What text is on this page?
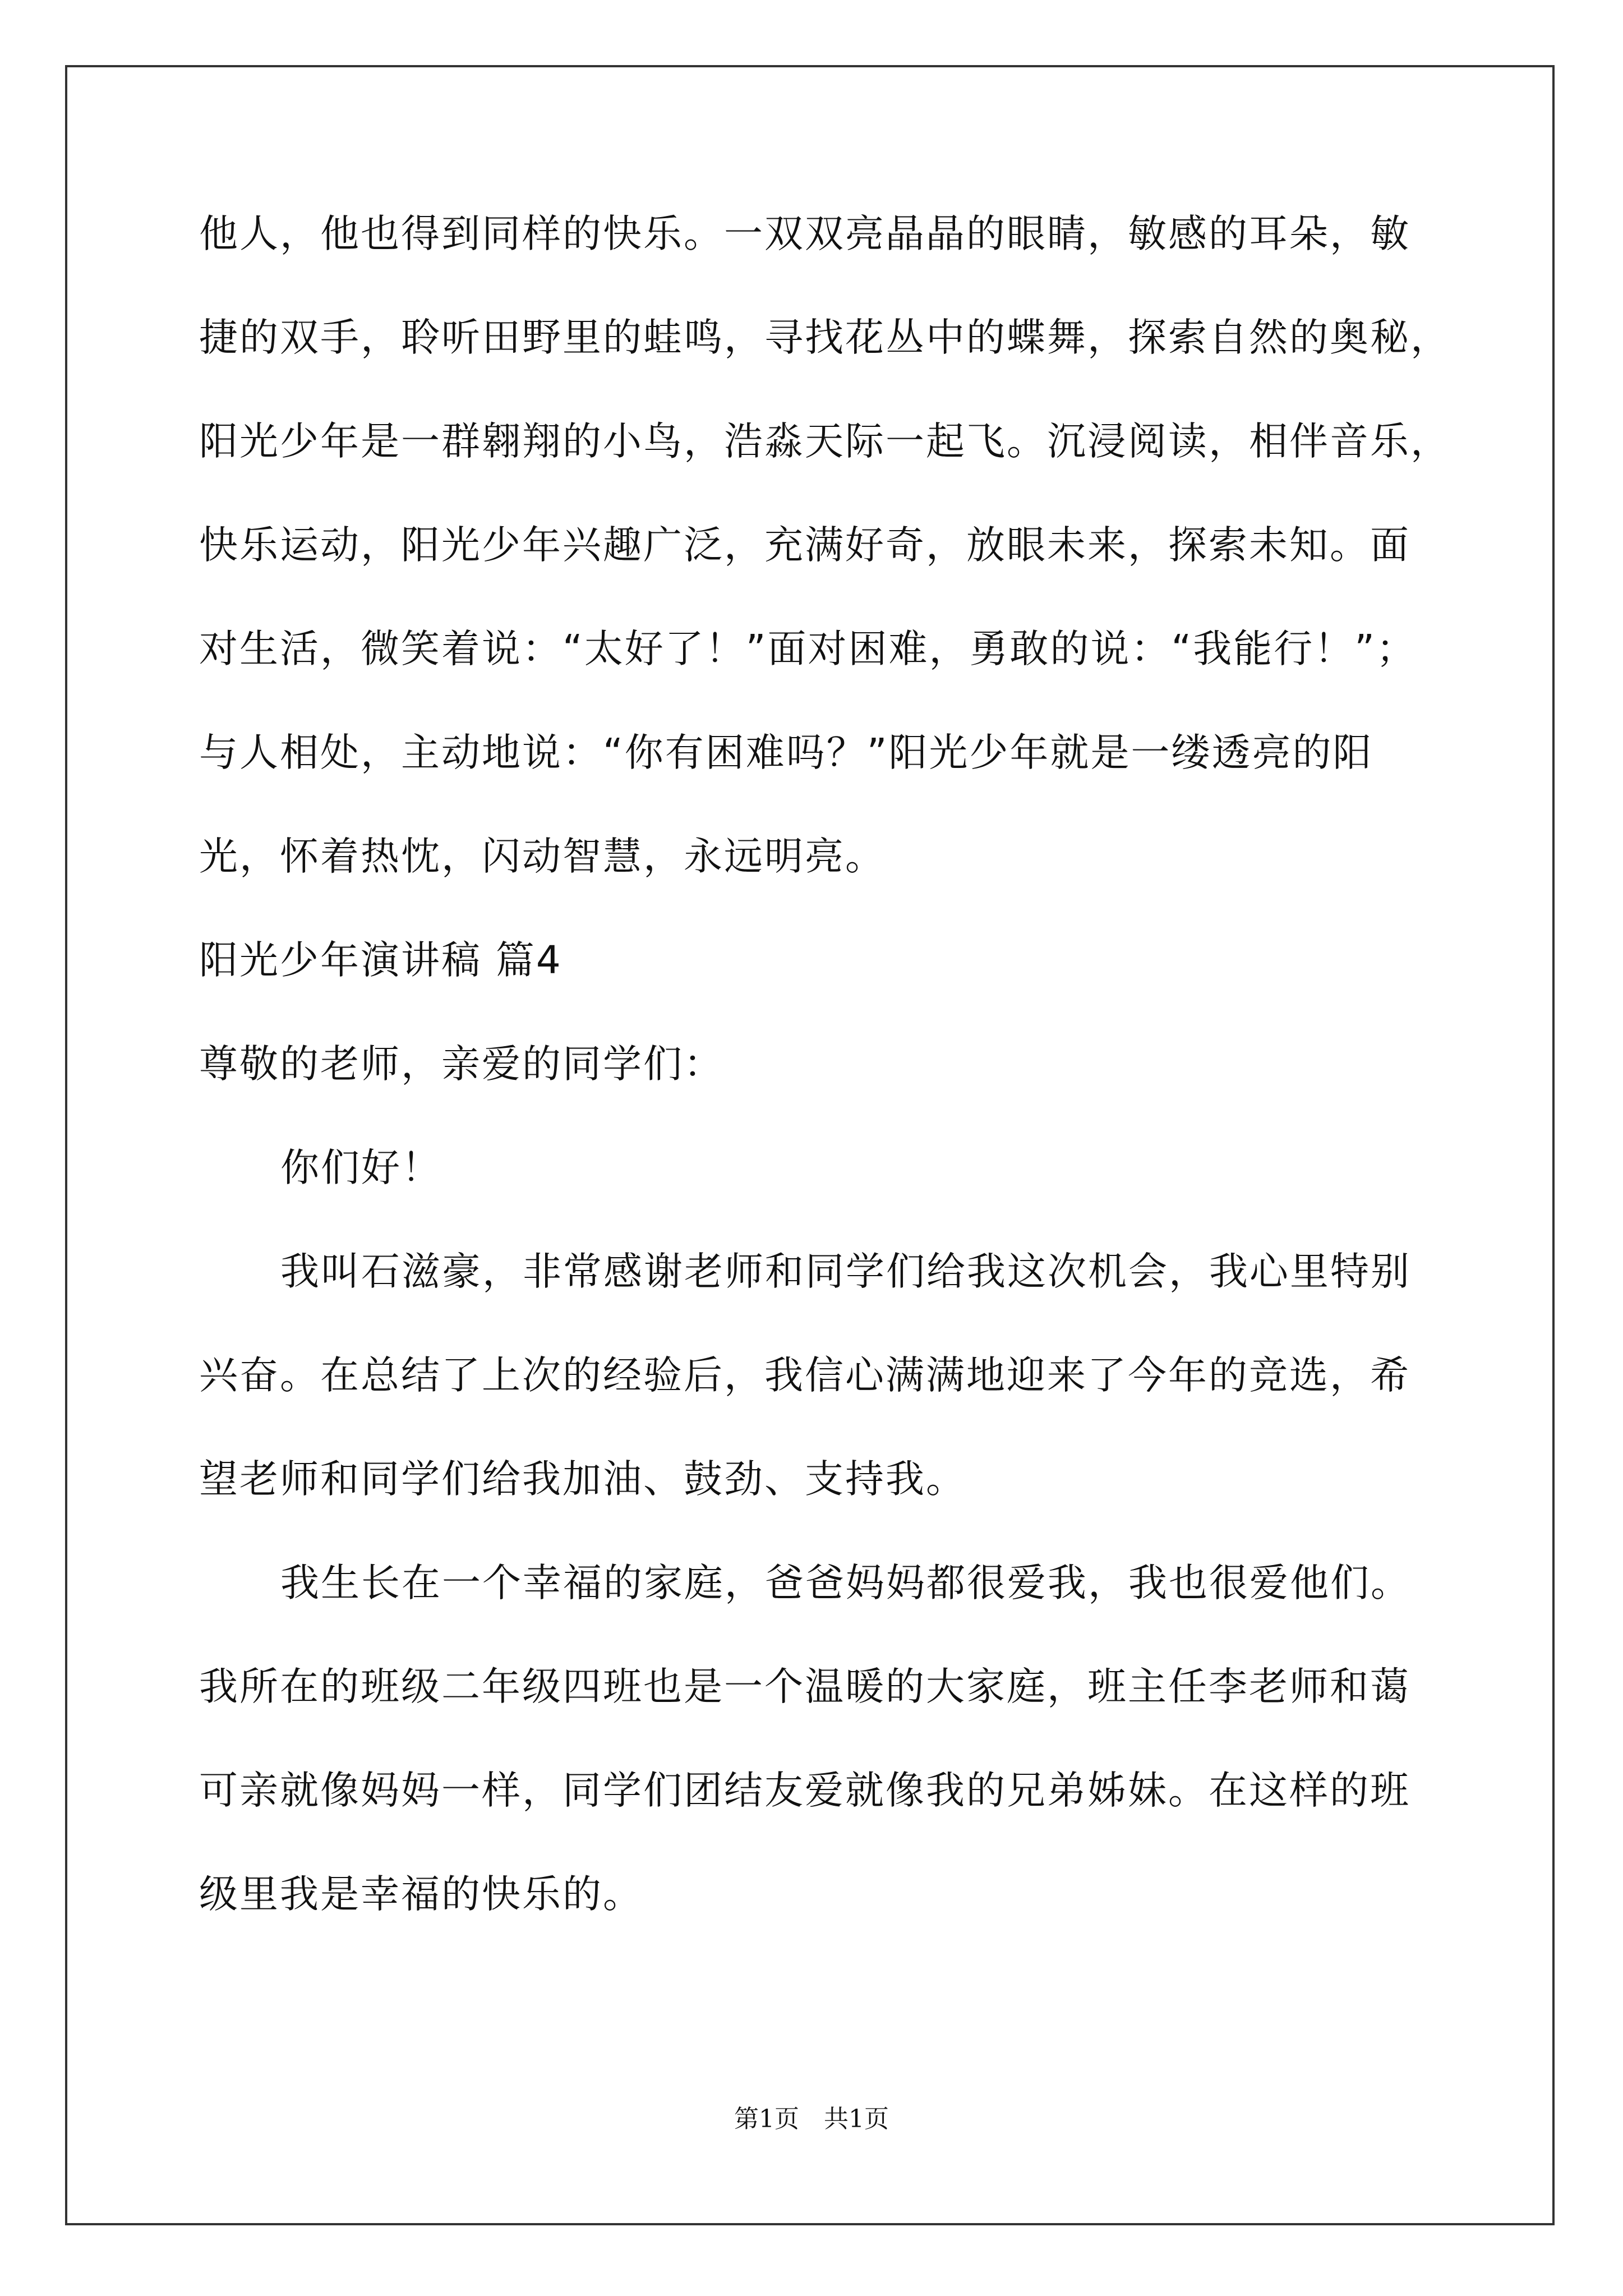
他人，他也得到同样的快乐。一双双亮晶晶的眼睛，敏感的耳朵，敏

捷的双手，聆听田野里的蛙鸣，寻找花丛中的蝶舞，探索自然的奥秘，

阳光少年是一群翱翔的小鸟，浩淼天际一起飞。沉浸阅读，相伴音乐，

快乐运动，阳光少年兴趣广泛，充满好奇，放眼未来，探索未知。面

对生活，微笑着说：“太好了！”面对困难，勇敢的说：“我能行！”；

与人相处，主动地说：“你有困难吗？”阳光少年就是一缕透亮的阳

光，怀着热忱，闪动智慧，永远明亮。

阳光少年演讲稿 篇4

尊敬的老师，亲爱的同学们：

你们好！

我叫石滋豪，非常感谢老师和同学们给我这次机会，我心里特别

兴奋。在总结了上次的经验后，我信心满满地迎来了今年的竞选，希

望老师和同学们给我加油、鼓劲、支持我。

我生长在一个幸福的家庭，爸爸妈妈都很爱我，我也很爱他们。

我所在的班级二年级四班也是一个温暖的大家庭，班主任李老师和蔼

可亲就像妈妈一样，同学们团结友爱就像我的兄弟姊妹。在这样的班

级里我是幸福的快乐的。

第1页　共1页
